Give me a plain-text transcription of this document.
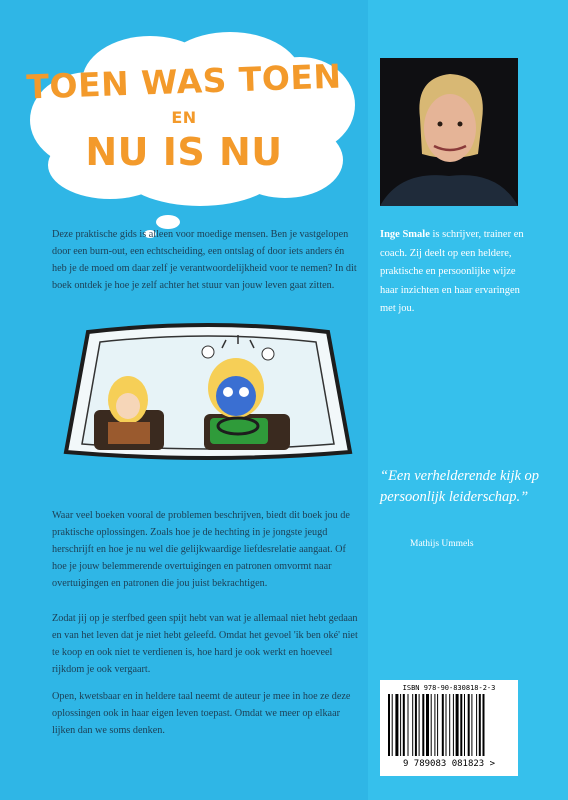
TOEN WAS TOEN
EN
NU IS NU
Deze praktische gids is alleen voor moedige mensen. Ben je vastgelopen door een burn-out, een echtscheiding, een ontslag of door iets anders én heb je de moed om daar zelf je verantwoordelijkheid voor te nemen? In dit boek ontdek je hoe je zelf achter het stuur van jouw leven gaat zitten.
Waar veel boeken vooral de problemen beschrijven, biedt dit boek jou de praktische oplossingen. Zoals hoe je de hechting in je jongste jeugd herschrijft en hoe je nu wel die gelijkwaardige liefdesrelatie aangaat. Of hoe je jouw belemmerende overtuigingen en patronen omvormt naar overtuigingen en patronen die jou juist bekrachtigen.
Zodat jij op je sterfbed geen spijt hebt van wat je allemaal niet hebt gedaan en van het leven dat je niet hebt geleefd. Omdat het gevoel 'ik ben oké' niet te koop en ook niet te verdienen is, hoe hard je ook werkt en hoeveel rijkdom je ook vergaart.
Open, kwetsbaar en in heldere taal neemt de auteur je mee in hoe ze deze oplossingen ook in haar eigen leven toepast. Omdat we meer op elkaar lijken dan we soms denken.
Inge Smale is schrijver, trainer en coach. Zij deelt op een heldere, praktische en persoonlijke wijze haar inzichten en haar ervaringen met jou.
“Een verhelderende kijk op persoonlijk leiderschap.”
Mathijs Ummels
ISBN 978-90-830818-2-3
9 789083 081823 >
